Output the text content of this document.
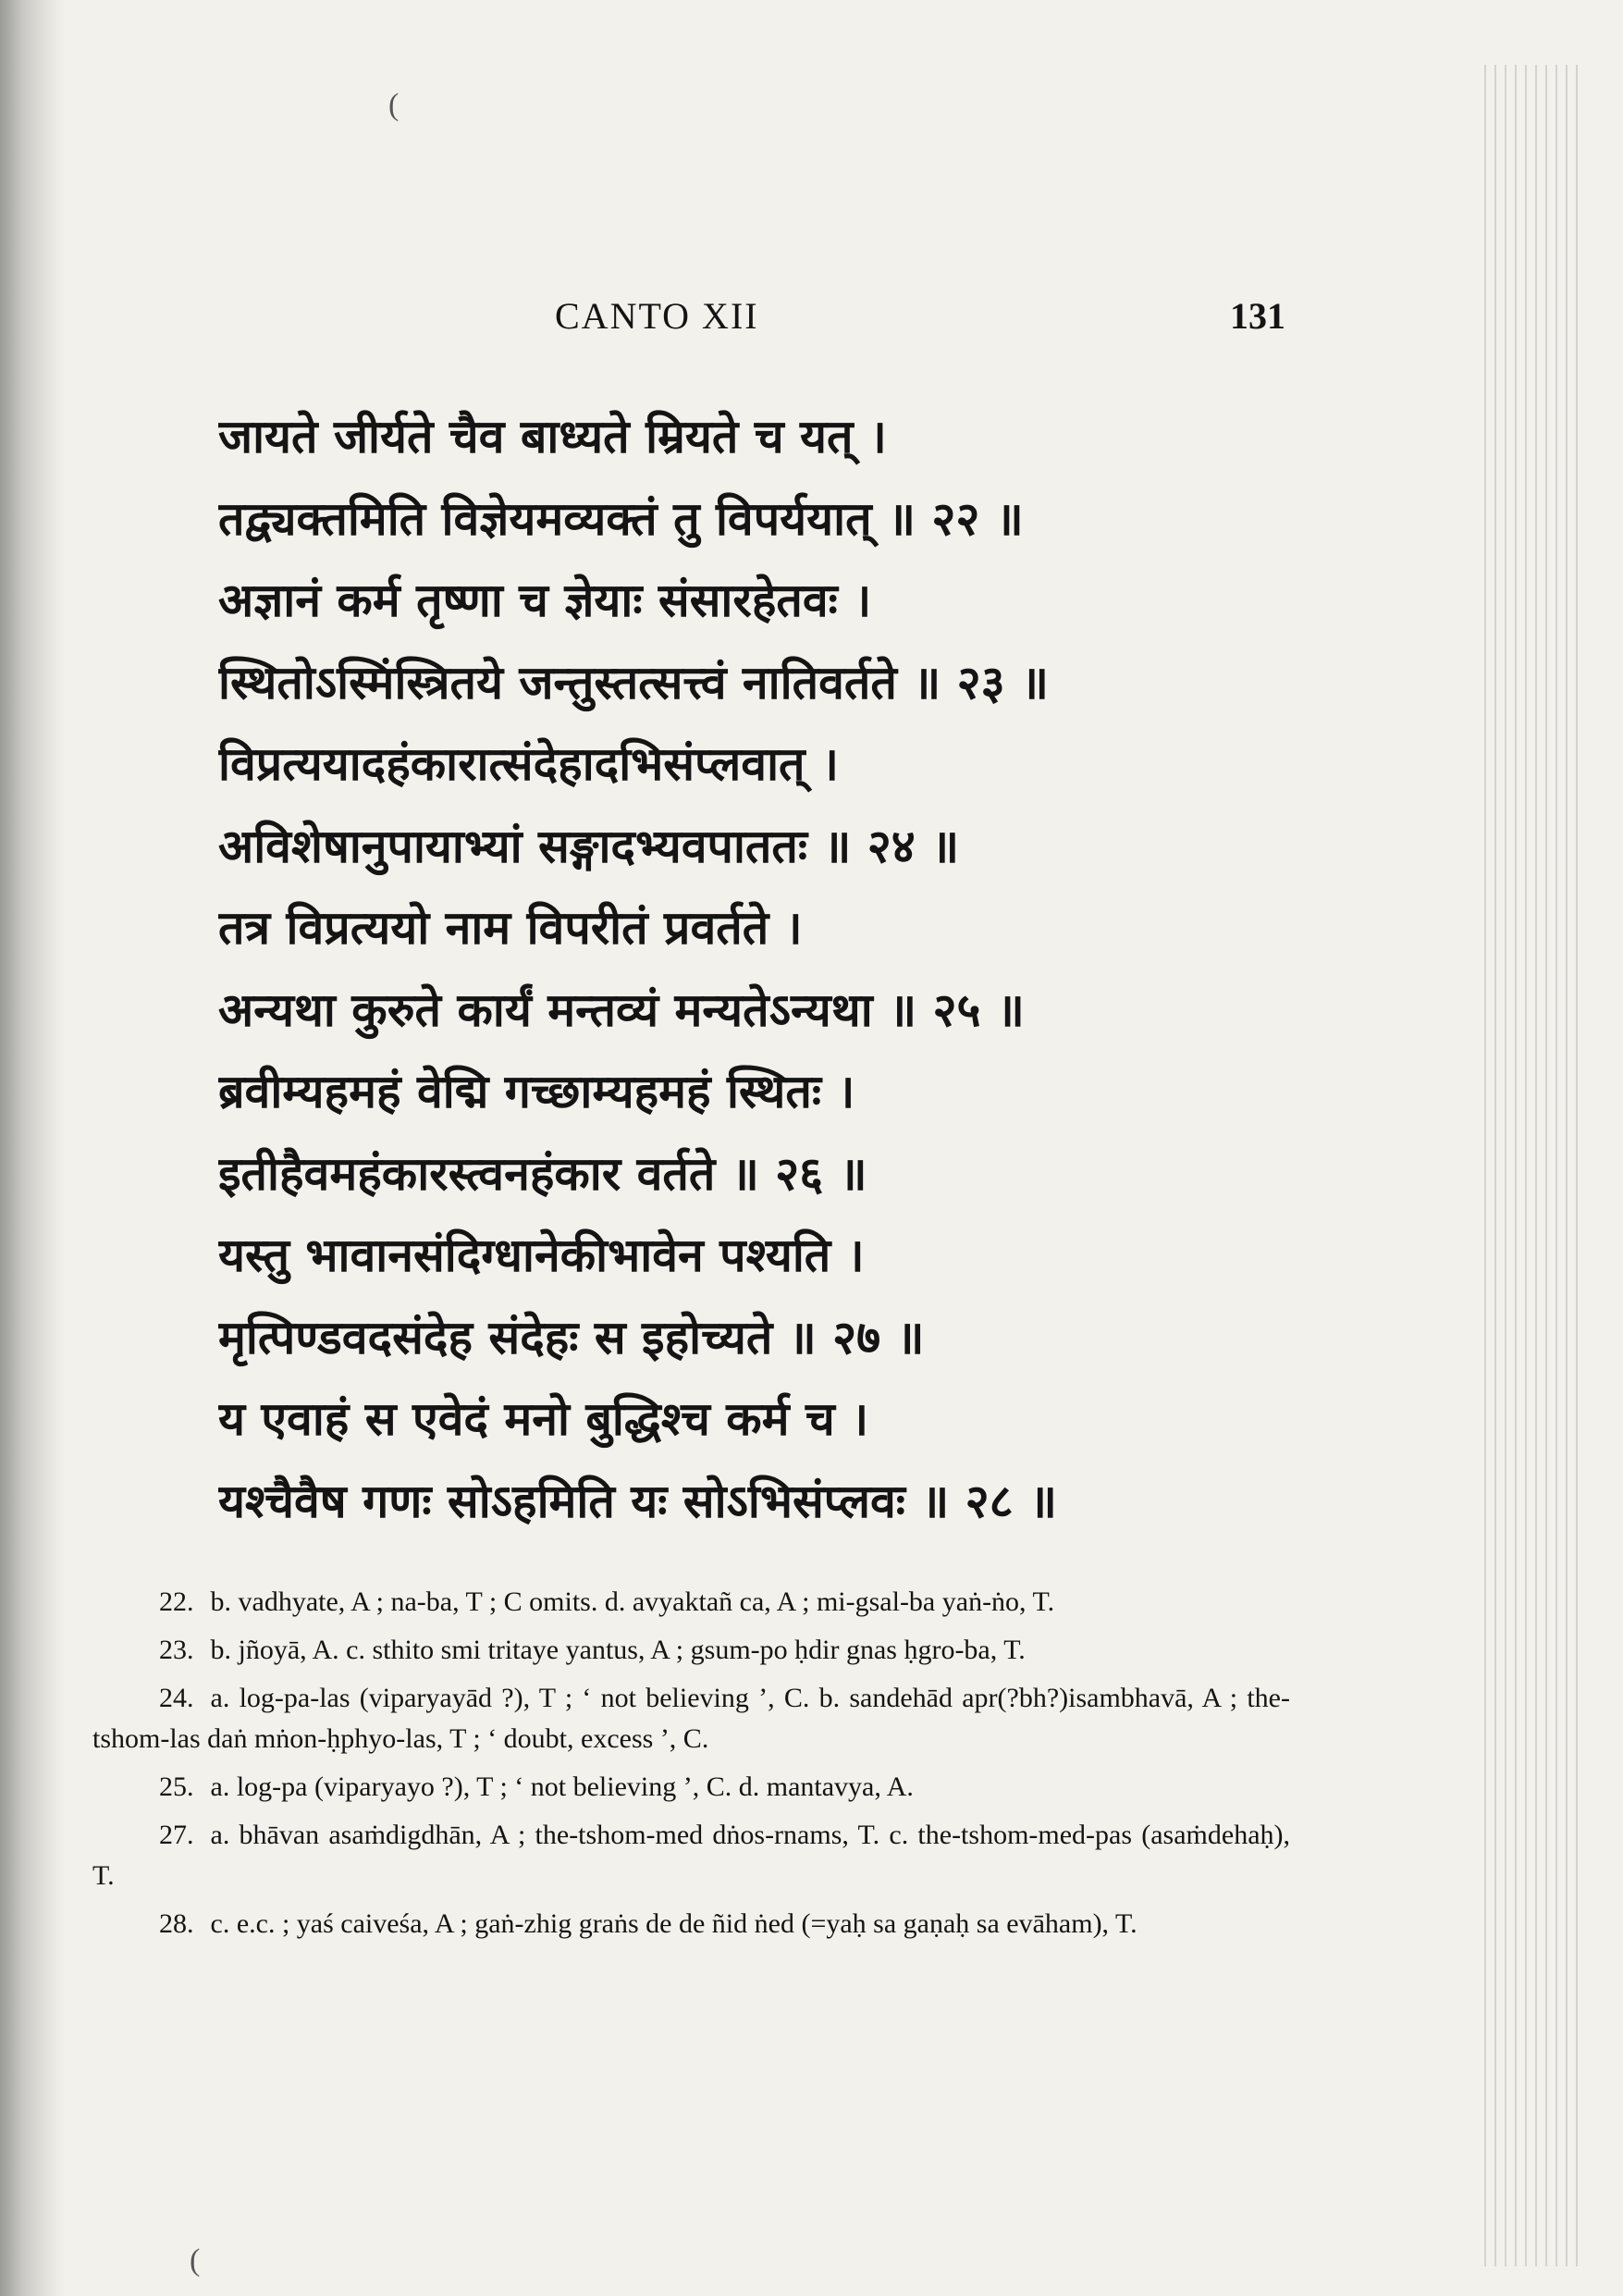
CANTO XII	131
जायते जीर्यते चैव बाध्यते म्रियते च यत् ।
तद्व्यक्तमिति विज्ञेयमव्यक्तं तु विपर्ययात् ॥ २२ ॥
अज्ञानं कर्म तृष्णा च ज्ञेयाः संसारहेतवः ।
स्थितोऽस्मिंस्त्रितये जन्तुस्तत्सत्त्वं नातिवर्तते ॥ २३ ॥
विप्रत्ययादहंकारात्संदेहादभिसंप्लवात् ।
अविशेषानुपायाभ्यां सङ्गादभ्यवपाततः ॥ २४ ॥
तत्र विप्रत्ययो नाम विपरीतं प्रवर्तते ।
अन्यथा कुरुते कार्यं मन्तव्यं मन्यतेऽन्यथा ॥ २५ ॥
ब्रवीम्यहमहं वेद्मि गच्छाम्यहमहं स्थितः ।
इतीहैवमहंकारस्त्वनहंकार वर्तते ॥ २६ ॥
यस्तु भावानसंदिग्धानेकीभावेन पश्यति ।
मृत्पिण्डवदसंदेह संदेहः स इहोच्यते ॥ २७ ॥
य एवाहं स एवेदं मनो बुद्धिश्च कर्म च ।
यश्चैवैष गणः सोऽहमिति यः सोऽभिसंप्लवः ॥ २८ ॥

22. b. vadhyate, A ; na-ba, T ; C omits. d. avyaktañ ca, A ; mi-gsal-ba yaṅ-ṅo, T.

23. b. jñoyā, A. c. sthito smi tritaye yantus, A ; gsum-po ḥdir gnas ḥgro-ba, T.

24. a. log-pa-las (viparyayād ?), T ; ‘ not believing ’, C. b. sandehād apr(?bh?)isambhavā, A ; the-tshom-las daṅ mṅon-ḥphyo-las, T ; ‘ doubt, excess ’, C.

25. a. log-pa (viparyayo ?), T ; ‘ not believing ’, C. d. mantavya, A.

27. a. bhāvan asaṁdigdhān, A ; the-tshom-med dṅos-rnams, T. c. the-tshom-med-pas (asaṁdehaḥ), T.

28. c. e.c. ; yaś caiveśa, A ; gaṅ-zhig graṅs de de ñid ṅed (=yaḥ sa gaṇaḥ sa evāham), T.

(
(
